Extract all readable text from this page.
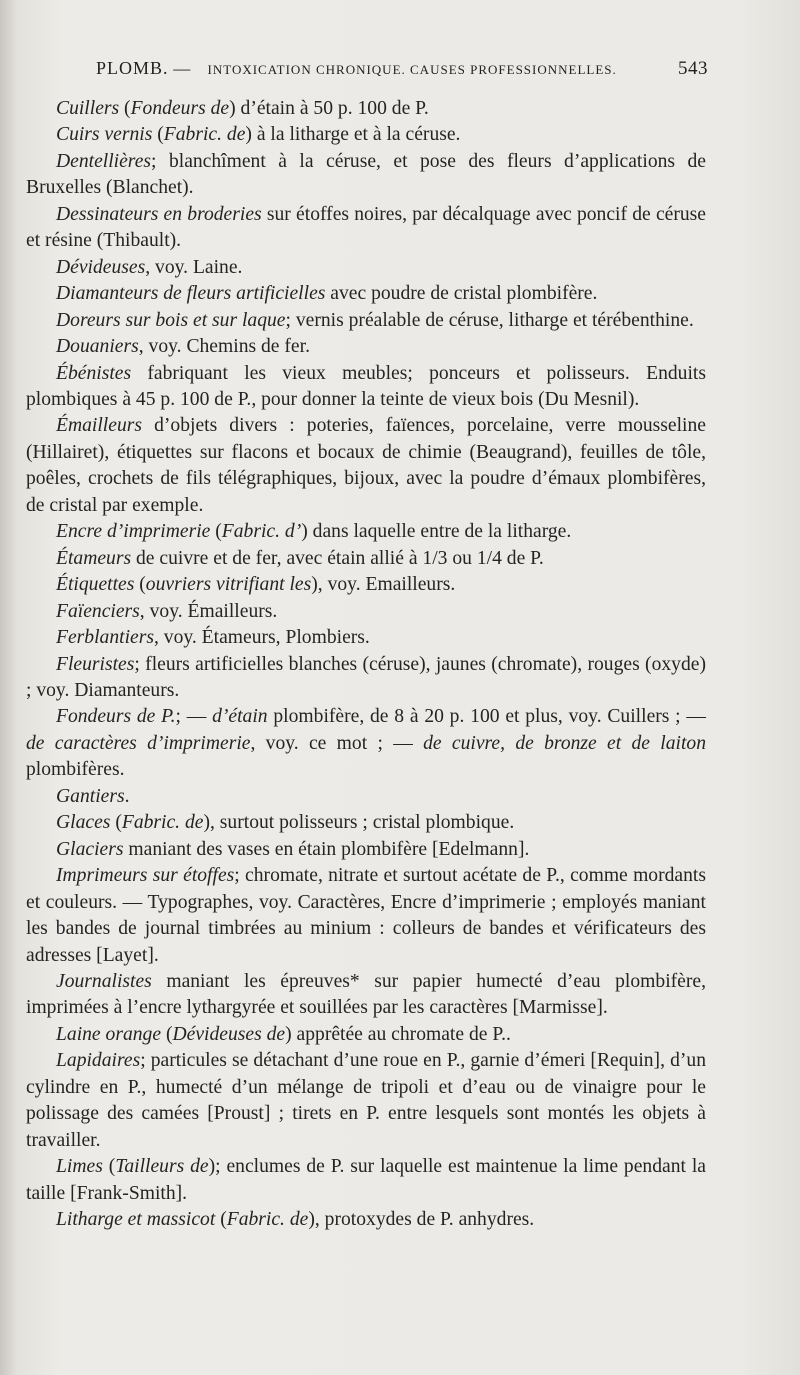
PLOMB. — INTOXICATION CHRONIQUE. CAUSES PROFESSIONNELLES.	543

Cuillers (Fondeurs de) d’étain à 50 p. 100 de P.

Cuirs vernis (Fabric. de) à la litharge et à la céruse.

Dentellières; blanchîment à la céruse, et pose des fleurs d’applications de Bruxelles (Blanchet).

Dessinateurs en broderies sur étoffes noires, par décalquage avec poncif de céruse et résine (Thibault).

Dévideuses, voy. Laine.

Diamanteurs de fleurs artificielles avec poudre de cristal plombifère.

Doreurs sur bois et sur laque; vernis préalable de céruse, litharge et térébenthine.

Douaniers, voy. Chemins de fer.

Ébénistes fabriquant les vieux meubles; ponceurs et polisseurs. Enduits plombiques à 45 p. 100 de P., pour donner la teinte de vieux bois (Du Mesnil).

Émailleurs d’objets divers : poteries, faïences, porcelaine, verre mousseline (Hillairet), étiquettes sur flacons et bocaux de chimie (Beaugrand), feuilles de tôle, poêles, crochets de fils télégraphiques, bijoux, avec la poudre d’émaux plombifères, de cristal par exemple.

Encre d’imprimerie (Fabric. d’) dans laquelle entre de la litharge.

Étameurs de cuivre et de fer, avec étain allié à 1/3 ou 1/4 de P.

Étiquettes (ouvriers vitrifiant les), voy. Emailleurs.

Faïenciers, voy. Émailleurs.

Ferblantiers, voy. Étameurs, Plombiers.

Fleuristes; fleurs artificielles blanches (céruse), jaunes (chromate), rouges (oxyde) ; voy. Diamanteurs.

Fondeurs de P.; — d’étain plombifère, de 8 à 20 p. 100 et plus, voy. Cuillers ; — de caractères d’imprimerie, voy. ce mot ; — de cuivre, de bronze et de laiton plombifères.

Gantiers.

Glaces (Fabric. de), surtout polisseurs ; cristal plombique.

Glaciers maniant des vases en étain plombifère [Edelmann].

Imprimeurs sur étoffes; chromate, nitrate et surtout acétate de P., comme mordants et couleurs. — Typographes, voy. Caractères, Encre d’imprimerie ; employés maniant les bandes de journal timbrées au minium : colleurs de bandes et vérificateurs des adresses [Layet].

Journalistes maniant les épreuves* sur papier humecté d’eau plombifère, imprimées à l’encre lythargyrée et souillées par les caractères [Marmisse].

Laine orange (Dévideuses de) apprêtée au chromate de P..

Lapidaires; particules se détachant d’une roue en P., garnie d’émeri [Requin], d’un cylindre en P., humecté d’un mélange de tripoli et d’eau ou de vinaigre pour le polissage des camées [Proust] ; tirets en P. entre lesquels sont montés les objets à travailler.

Limes (Tailleurs de); enclumes de P. sur laquelle est maintenue la lime pendant la taille [Frank-Smith].

Litharge et massicot (Fabric. de), protoxydes de P. anhydres.
